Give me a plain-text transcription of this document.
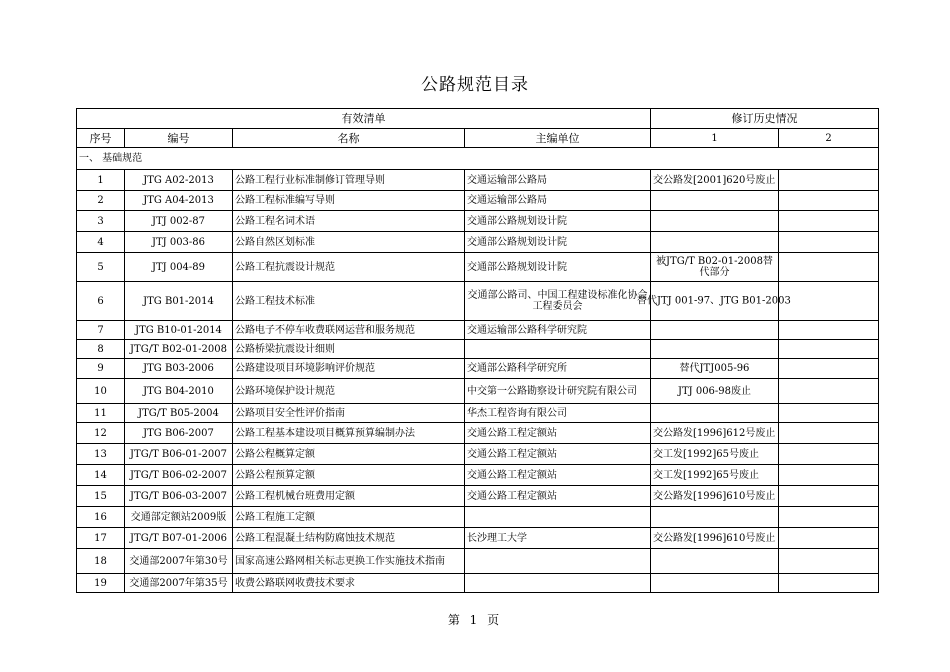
公路规范目录
有效清单				修订历史情况	
序号	编号	名称	主编单位	1	2
一、 基础规范					
1	JTG A02-2013	公路工程行业标准制修订管理导则	交通运输部公路局	交公路发[2001]620号废止	
2	JTG A04-2013	公路工程标准编写导则	交通运输部公路局		
3	JTJ 002-87	公路工程名词术语	交通部公路规划设计院		
4	JTJ 003-86	公路自然区划标准	交通部公路规划设计院		
5	JTJ 004-89	公路工程抗震设计规范	交通部公路规划设计院	被JTG/T B02-01-2008替代部分	
6	JTG B01-2014	公路工程技术标准	交通部公路司、中国工程建设标准化协会工程委员会	替代JTJ 001-97、JTG B01-2003	

7	JTG B10-01-2014	公路电子不停车收费联网运营和服务规范	交通运输部公路科学研究院		
8	JTG/T B02-01-2008	公路桥梁抗震设计细则			
9	JTG B03-2006	公路建设项目环境影响评价规范	交通部公路科学研究所	替代JTJ005-96	
10	JTG B04-2010	公路环境保护设计规范	中交第一公路勘察设计研究院有限公司	JTJ 006-98废止	
11	JTG/T B05-2004	公路项目安全性评价指南	华杰工程咨询有限公司		
12	JTG B06-2007	公路工程基本建设项目概算预算编制办法	交通公路工程定额站	交公路发[1996]612号废止	
13	JTG/T B06-01-2007	公路公程概算定额	交通公路工程定额站	交工发[1992]65号废止	
14	JTG/T B06-02-2007	公路公程预算定额	交通公路工程定额站	交工发[1992]65号废止	
15	JTG/T B06-03-2007	公路工程机械台班费用定额	交通公路工程定额站	交公路发[1996]610号废止	
16	交通部定额站2009版	公路工程施工定额			
17	JTG/T B07-01-2006	公路工程混凝土结构防腐蚀技术规范	长沙理工大学	交公路发[1996]610号废止	
18	交通部2007年第30号	国家高速公路网相关标志更换工作实施技术指南			
19	交通部2007年第35号	收费公路联网收费技术要求			
第 1 页
